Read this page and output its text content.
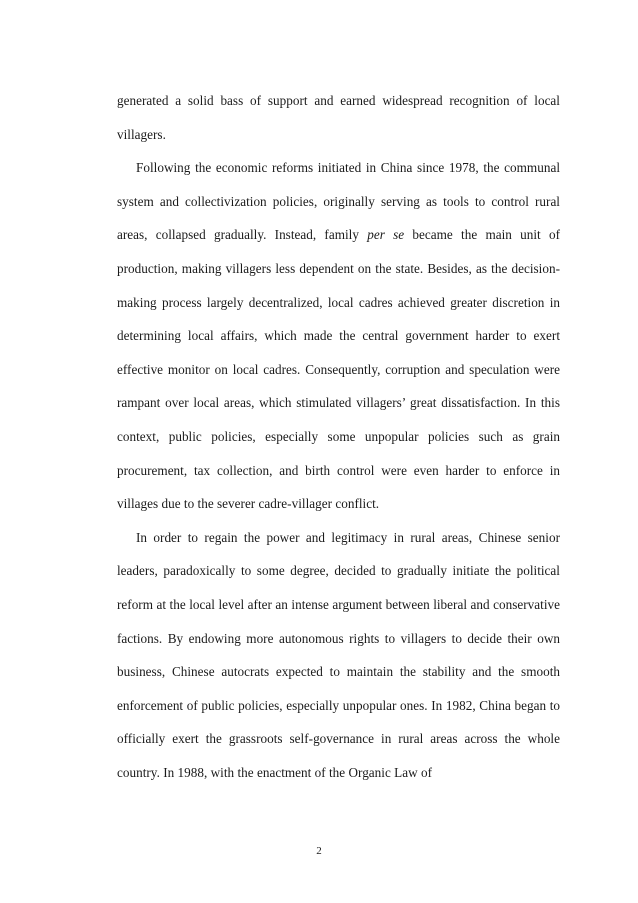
generated a solid bass of support and earned widespread recognition of local villagers.

Following the economic reforms initiated in China since 1978, the communal system and collectivization policies, originally serving as tools to control rural areas, collapsed gradually. Instead, family per se became the main unit of production, making villagers less dependent on the state. Besides, as the decision-making process largely decentralized, local cadres achieved greater discretion in determining local affairs, which made the central government harder to exert effective monitor on local cadres. Consequently, corruption and speculation were rampant over local areas, which stimulated villagers’ great dissatisfaction. In this context, public policies, especially some unpopular policies such as grain procurement, tax collection, and birth control were even harder to enforce in villages due to the severer cadre-villager conflict.

In order to regain the power and legitimacy in rural areas, Chinese senior leaders, paradoxically to some degree, decided to gradually initiate the political reform at the local level after an intense argument between liberal and conservative factions. By endowing more autonomous rights to villagers to decide their own business, Chinese autocrats expected to maintain the stability and the smooth enforcement of public policies, especially unpopular ones. In 1982, China began to officially exert the grassroots self-governance in rural areas across the whole country. In 1988, with the enactment of the Organic Law of

2
